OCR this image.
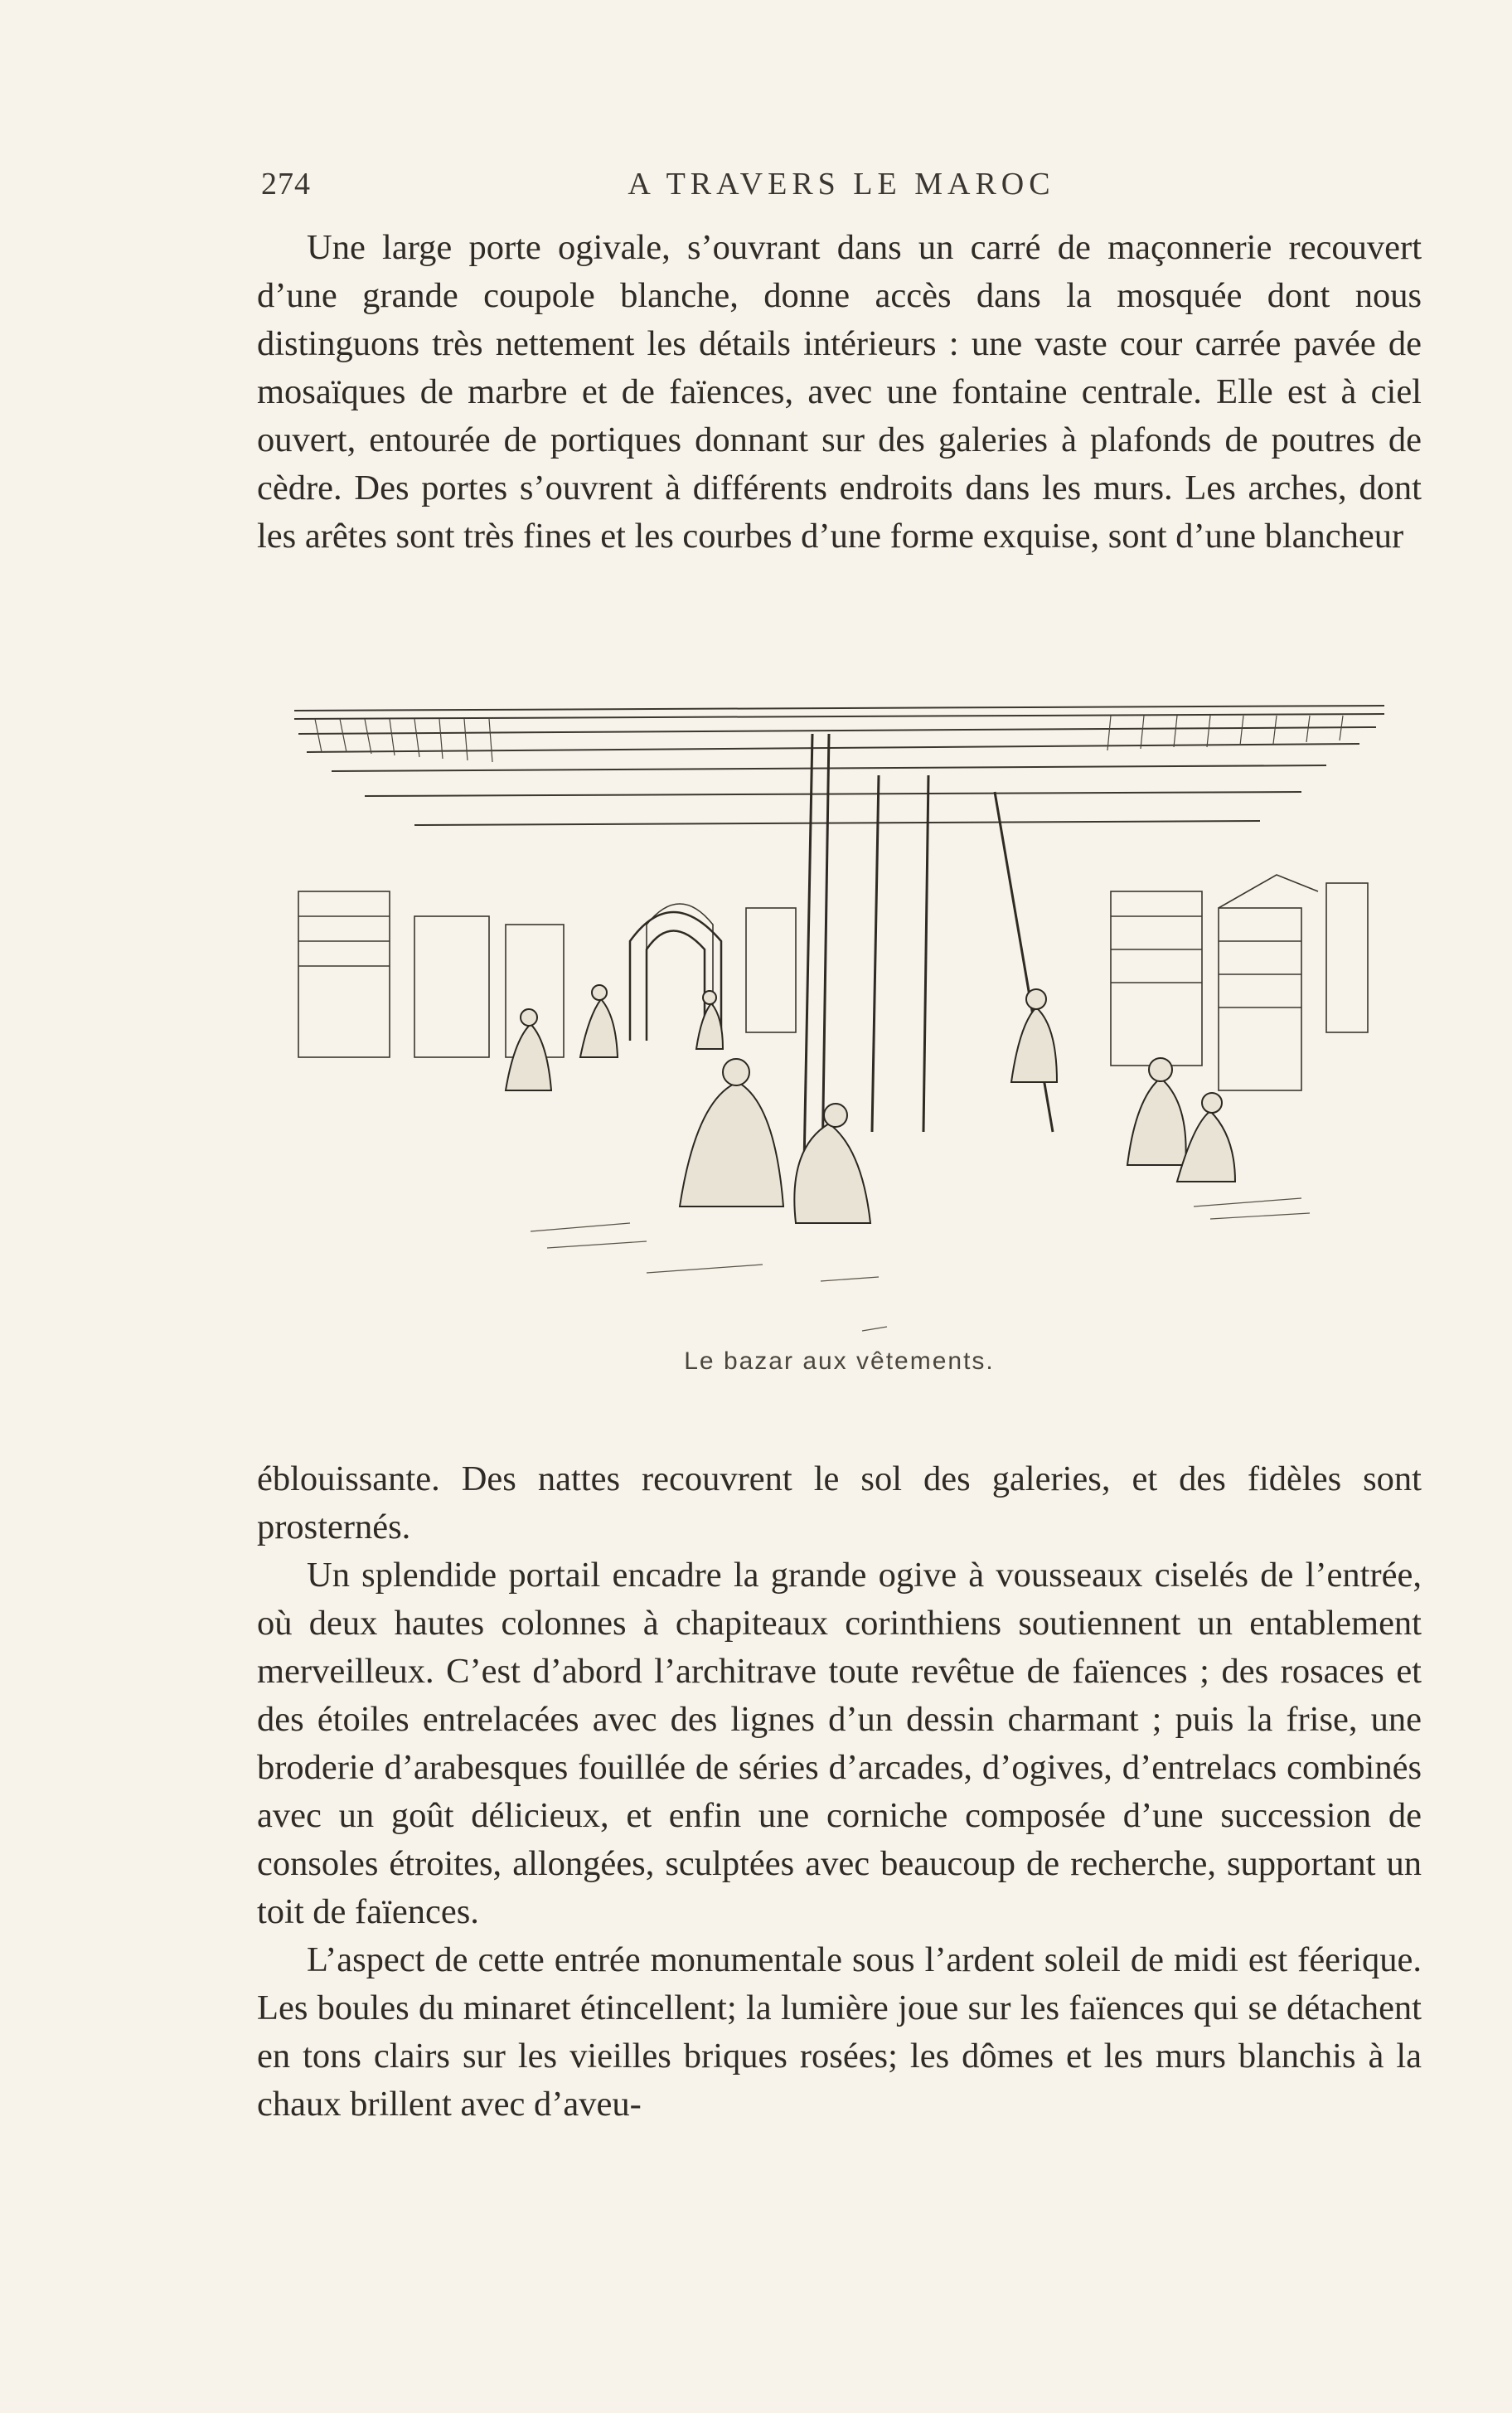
274	A TRAVERS LE MAROC

Une large porte ogivale, s’ouvrant dans un carré de maçonnerie recouvert d’une grande coupole blanche, donne accès dans la mosquée dont nous distinguons très nettement les détails intérieurs : une vaste cour carrée pavée de mosaïques de marbre et de faïences, avec une fontaine centrale. Elle est à ciel ouvert, entourée de portiques donnant sur des galeries à plafonds de poutres de cèdre. Des portes s’ouvrent à différents endroits dans les murs. Les arches, dont les arêtes sont très fines et les courbes d’une forme exquise, sont d’une blancheur

Le bazar aux vêtements.

éblouissante. Des nattes recouvrent le sol des galeries, et des fidèles sont prosternés.

Un splendide portail encadre la grande ogive à vousseaux ciselés de l’entrée, où deux hautes colonnes à chapiteaux corinthiens soutiennent un entablement merveilleux. C’est d’abord l’architrave toute revêtue de faïences ; des rosaces et des étoiles entrelacées avec des lignes d’un dessin charmant ; puis la frise, une broderie d’arabesques fouillée de séries d’arcades, d’ogives, d’entrelacs combinés avec un goût délicieux, et enfin une corniche composée d’une succession de consoles étroites, allongées, sculptées avec beaucoup de recherche, supportant un toit de faïences.

L’aspect de cette entrée monumentale sous l’ardent soleil de midi est féerique. Les boules du minaret étincellent; la lumière joue sur les faïences qui se détachent en tons clairs sur les vieilles briques rosées; les dômes et les murs blanchis à la chaux brillent avec d’aveu-
